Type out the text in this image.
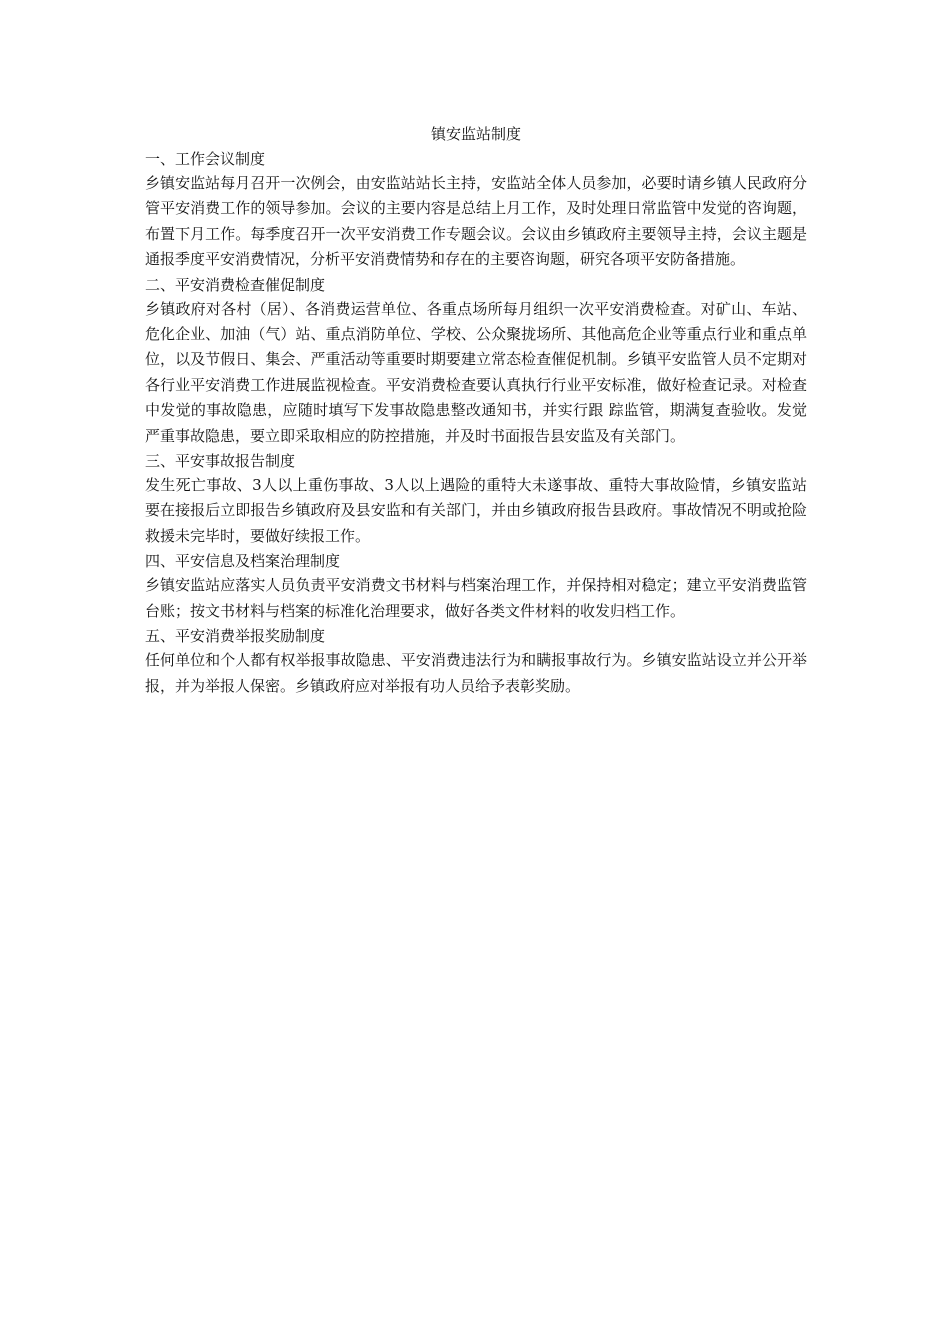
镇安监站制度

一、工作会议制度

乡镇安监站每月召开一次例会，由安监站站长主持，安监站全体人员参加，必要时请乡镇人民政府分管平安消费工作的领导参加。会议的主要内容是总结上月工作，及时处理日常监管中发觉的咨询题，布置下月工作。每季度召开一次平安消费工作专题会议。会议由乡镇政府主要领导主持，会议主题是通报季度平安消费情况，分析平安消费情势和存在的主要咨询题，研究各项平安防备措施。

二、平安消费检查催促制度

乡镇政府对各村（居）、各消费运营单位、各重点场所每月组织一次平安消费检查。对矿山、车站、危化企业、加油（气）站、重点消防单位、学校、公众聚拢场所、其他高危企业等重点行业和重点单位，以及节假日、集会、严重活动等重要时期要建立常态检查催促机制。乡镇平安监管人员不定期对各行业平安消费工作进展监视检查。平安消费检查要认真执行行业平安标准，做好检查记录。对检查中发觉的事故隐患，应随时填写下发事故隐患整改通知书，并实行跟 踪监管，期满复查验收。发觉严重事故隐患，要立即采取相应的防控措施，并及时书面报告县安监及有关部门。

三、平安事故报告制度

发生死亡事故、3人以上重伤事故、3人以上遇险的重特大未遂事故、重特大事故险情，乡镇安监站要在接报后立即报告乡镇政府及县安监和有关部门，并由乡镇政府报告县政府。事故情况不明或抢险救援未完毕时，要做好续报工作。

四、平安信息及档案治理制度

乡镇安监站应落实人员负责平安消费文书材料与档案治理工作，并保持相对稳定；建立平安消费监管台账；按文书材料与档案的标准化治理要求，做好各类文件材料的收发归档工作。

五、平安消费举报奖励制度

任何单位和个人都有权举报事故隐患、平安消费违法行为和瞒报事故行为。乡镇安监站设立并公开举报，并为举报人保密。乡镇政府应对举报有功人员给予表彰奖励。
